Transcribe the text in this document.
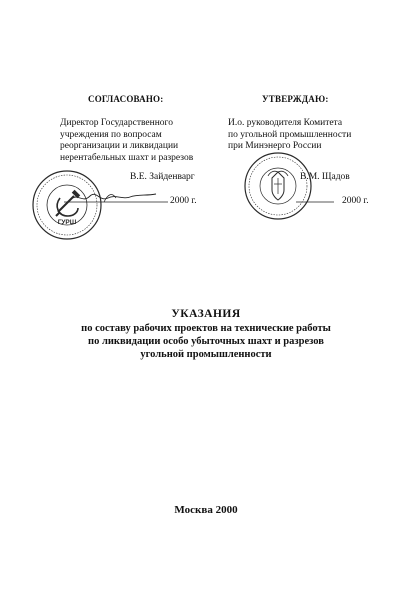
СОГЛАСОВАНО:
Директор Государственного
учреждения по вопросам
реорганизации и ликвидации
нерентабельных шахт и разрезов
В.Е. Зайденварг
2000 г.
ГУРШ
УТВЕРЖДАЮ:
И.о. руководителя Комитета
по угольной промышленности
при Минэнерго России
В.М. Щадов
2000 г.
УКАЗАНИЯ
по составу рабочих проектов на технические работы
по ликвидации особо убыточных шахт и разрезов
угольной промышленности
Москва 2000
